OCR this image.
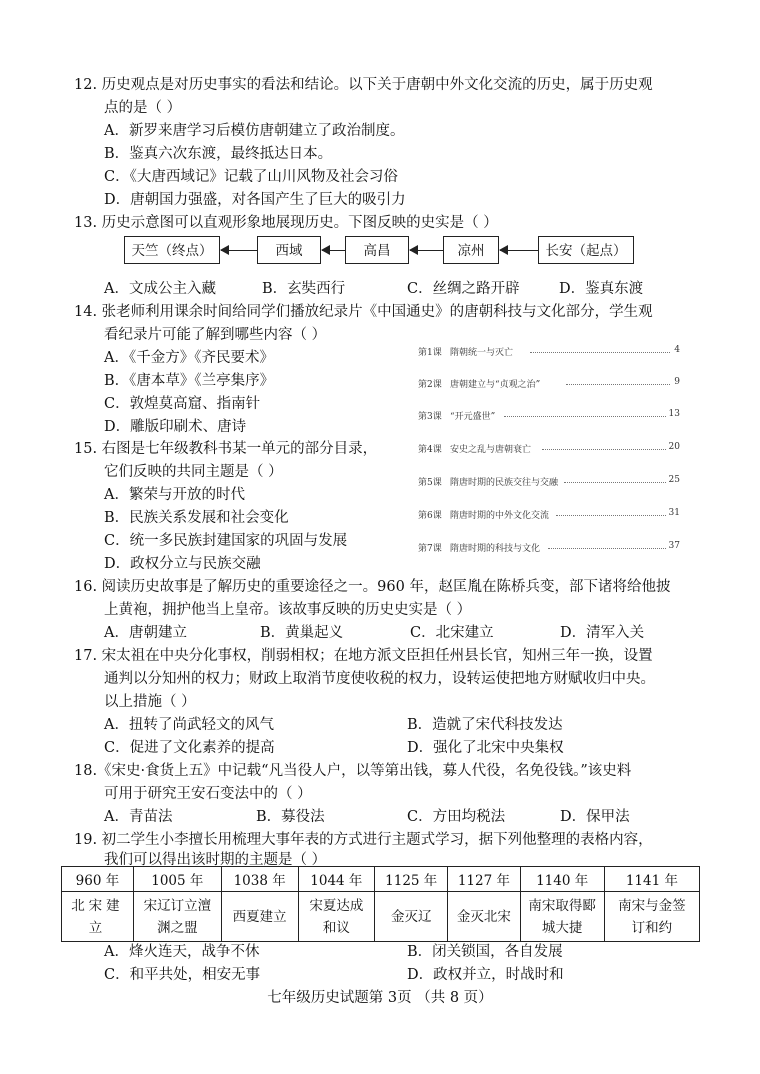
12. 历史观点是对历史事实的看法和结论。以下关于唐朝中外文化交流的历史，属于历史观
点的是（ ）
A．新罗来唐学习后模仿唐朝建立了政治制度。
B．鉴真六次东渡，最终抵达日本。
C．《大唐西域记》记载了山川风物及社会习俗
D．唐朝国力强盛，对各国产生了巨大的吸引力
13. 历史示意图可以直观形象地展现历史。下图反映的史实是（ ）
天竺（终点）	西域	高昌	凉州	长安（起点）
A．文成公主入藏	B．玄奘西行	C．丝绸之路开辟	D．鉴真东渡
14. 张老师利用课余时间给同学们播放纪录片《中国通史》的唐朝科技与文化部分，学生观
看纪录片可能了解到哪些内容（ ）
A．《千金方》《齐民要术》
B．《唐本草》《兰亭集序》
C．敦煌莫高窟、指南针
D．雕版印刷术、唐诗
15. 右图是七年级教科书某一单元的部分目录，
它们反映的共同主题是（ ）
A．繁荣与开放的时代
B．民族关系发展和社会变化
C．统一多民族封建国家的巩固与发展
D．政权分立与民族交融
第1课 隋朝统一与灭亡	4
第2课 唐朝建立与“贞观之治”	9
第3课 “开元盛世”	13
第4课 安史之乱与唐朝衰亡	20
第5课 隋唐时期的民族交往与交融	25
第6课 隋唐时期的中外文化交流	31
第7课 隋唐时期的科技与文化	37
16. 阅读历史故事是了解历史的重要途径之一。960 年，赵匡胤在陈桥兵变，部下诸将给他披
上黄袍，拥护他当上皇帝。该故事反映的历史史实是（ ）
A．唐朝建立	B．黄巢起义	C．北宋建立	D．清军入关
17. 宋太祖在中央分化事权，削弱相权；在地方派文臣担任州县长官，知州三年一换，设置
通判以分知州的权力；财政上取消节度使收税的权力，设转运使把地方财赋收归中央。
以上措施（ ）
A．扭转了尚武轻文的风气	B．造就了宋代科技发达
C．促进了文化素养的提高	D．强化了北宋中央集权
18.《宋史·食货上五》中记载“凡当役人户，以等第出钱，募人代役，名免役钱。”该史料
可用于研究王安石变法中的（ ）
A．青苗法	B．募役法	C．方田均税法	D．保甲法
19. 初二学生小李擅长用梳理大事年表的方式进行主题式学习，据下列他整理的表格内容，
我们可以得出该时期的主题是（ ）
960 年	1005 年	1038 年	1044 年	1125 年	1127 年	1140 年	1141 年

北宋建立	宋辽订立澶渊之盟	西夏建立	宋夏达成和议	金灭辽	金灭北宋	南宋取得郾城大捷	南宋与金签订和约
A．烽火连天，战争不休	B．闭关锁国，各自发展
C．和平共处，相安无事	D．政权并立，时战时和
七年级历史试题第 3页 （共 8 页）
